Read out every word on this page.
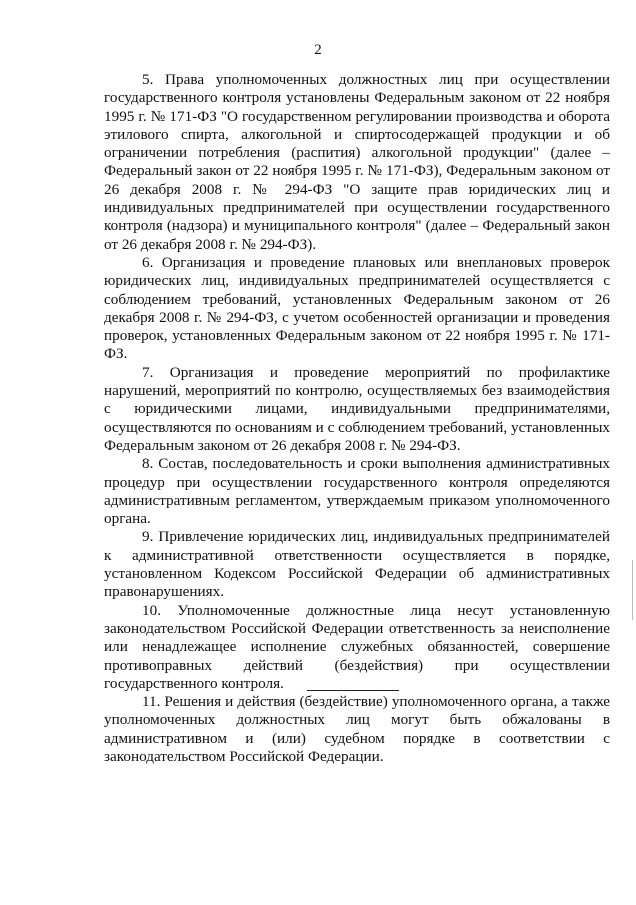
2

5. Права уполномоченных должностных лиц при осуществлении государственного контроля установлены Федеральным законом от 22 ноября 1995 г. № 171-ФЗ "О государственном регулировании производства и оборота этилового спирта, алкогольной и спиртосодержащей продукции и об ограничении потребления (распития) алкогольной продукции" (далее – Федеральный закон от 22 ноября 1995 г. № 171-ФЗ), Федеральным законом от 26 декабря 2008 г. № 294-ФЗ "О защите прав юридических лиц и индивидуальных предпринимателей при осуществлении государственного контроля (надзора) и муниципального контроля" (далее – Федеральный закон от 26 декабря 2008 г. № 294-ФЗ).

6. Организация и проведение плановых или внеплановых проверок юридических лиц, индивидуальных предпринимателей осуществляется с соблюдением требований, установленных Федеральным законом от 26 декабря 2008 г. № 294-ФЗ, с учетом особенностей организации и проведения проверок, установленных Федеральным законом от 22 ноября 1995 г. № 171-ФЗ.

7. Организация и проведение мероприятий по профилактике нарушений, мероприятий по контролю, осуществляемых без взаимодействия с юридическими лицами, индивидуальными предпринимателями, осуществляются по основаниям и с соблюдением требований, установленных Федеральным законом от 26 декабря 2008 г. № 294-ФЗ.

8. Состав, последовательность и сроки выполнения административных процедур при осуществлении государственного контроля определяются административным регламентом, утверждаемым приказом уполномоченного органа.

9. Привлечение юридических лиц, индивидуальных предпринимателей к административной ответственности осуществляется в порядке, установленном Кодексом Российской Федерации об административных правонарушениях.

10. Уполномоченные должностные лица несут установленную законодательством Российской Федерации ответственность за неисполнение или ненадлежащее исполнение служебных обязанностей, совершение противоправных действий (бездействия) при осуществлении государственного контроля.

11. Решения и действия (бездействие) уполномоченного органа, а также уполномоченных должностных лиц могут быть обжалованы в административном и (или) судебном порядке в соответствии с законодательством Российской Федерации.
